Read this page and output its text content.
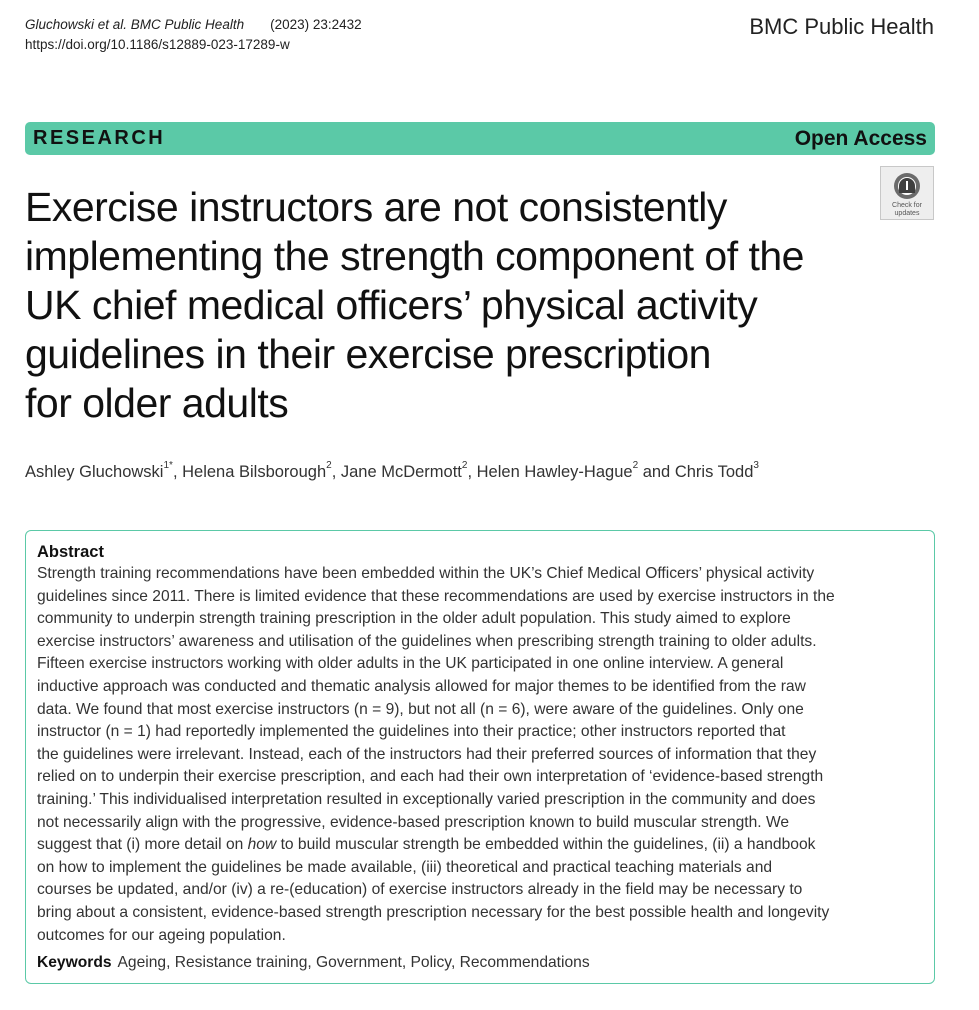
Gluchowski et al. BMC Public Health (2023) 23:2432
https://doi.org/10.1186/s12889-023-17289-w
BMC Public Health
RESEARCH	Open Access
Check for
updates
Exercise instructors are not consistently
implementing the strength component of the
UK chief medical officers’ physical activity
guidelines in their exercise prescription
for older adults
Ashley Gluchowski$^{1*}$, Helena Bilsborough$^2$, Jane McDermott$^2$, Helen Hawley-Hague$^2$ and Chris Todd$^3$
Abstract
Strength training recommendations have been embedded within the UK’s Chief Medical Officers’ physical activity
guidelines since 2011. There is limited evidence that these recommendations are used by exercise instructors in the
community to underpin strength training prescription in the older adult population. This study aimed to explore
exercise instructors’ awareness and utilisation of the guidelines when prescribing strength training to older adults.
Fifteen exercise instructors working with older adults in the UK participated in one online interview. A general
inductive approach was conducted and thematic analysis allowed for major themes to be identified from the raw
data. We found that most exercise instructors (n = 9), but not all (n = 6), were aware of the guidelines. Only one
instructor (n = 1) had reportedly implemented the guidelines into their practice; other instructors reported that
the guidelines were irrelevant. Instead, each of the instructors had their preferred sources of information that they
relied on to underpin their exercise prescription, and each had their own interpretation of ‘evidence-based strength
training.’ This individualised interpretation resulted in exceptionally varied prescription in the community and does
not necessarily align with the progressive, evidence-based prescription known to build muscular strength. We
suggest that (i) more detail on how to build muscular strength be embedded within the guidelines, (ii) a handbook
on how to implement the guidelines be made available, (iii) theoretical and practical teaching materials and
courses be updated, and/or (iv) a re-(education) of exercise instructors already in the field may be necessary to
bring about a consistent, evidence-based strength prescription necessary for the best possible health and longevity
outcomes for our ageing population.
Keywords Ageing, Resistance training, Government, Policy, Recommendations
